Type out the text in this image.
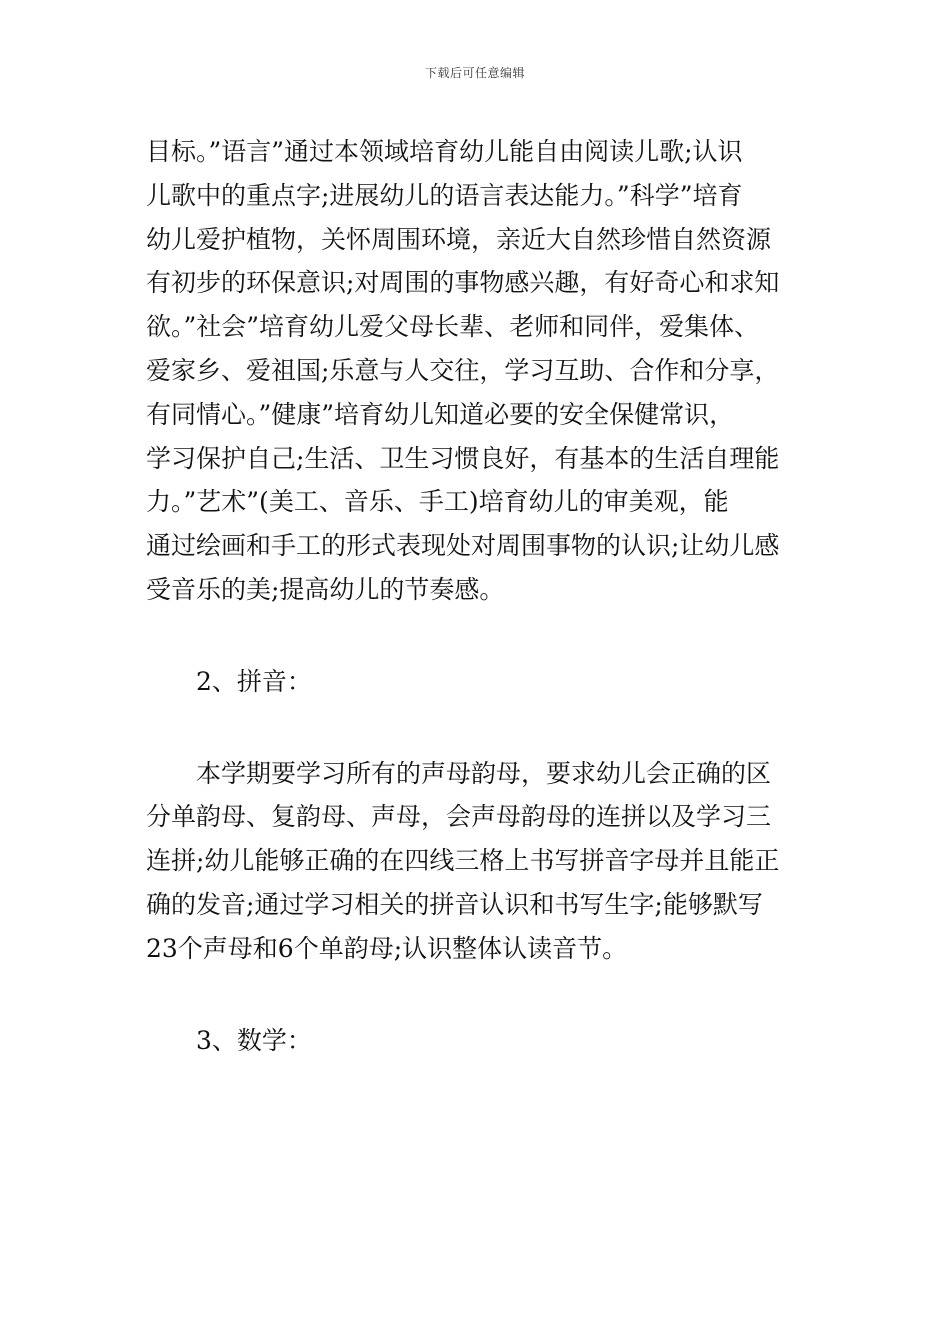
下载后可任意编辑
目标。”语言”通过本领域培育幼儿能自由阅读儿歌;认识
儿歌中的重点字;进展幼儿的语言表达能力。”科学”培育
幼儿爱护植物，关怀周围环境，亲近大自然珍惜自然资源
有初步的环保意识;对周围的事物感兴趣，有好奇心和求知
欲。”社会”培育幼儿爱父母长辈、老师和同伴，爱集体、
爱家乡、爱祖国;乐意与人交往，学习互助、合作和分享，
有同情心。”健康”培育幼儿知道必要的安全保健常识，
学习保护自己;生活、卫生习惯良好，有基本的生活自理能
力。”艺术”(美工、音乐、手工)培育幼儿的审美观，能
通过绘画和手工的形式表现处对周围事物的认识;让幼儿感
受音乐的美;提高幼儿的节奏感。
2、拼音：
　　本学期要学习所有的声母韵母，要求幼儿会正确的区
分单韵母、复韵母、声母，会声母韵母的连拼以及学习三
连拼;幼儿能够正确的在四线三格上书写拼音字母并且能正
确的发音;通过学习相关的拼音认识和书写生字;能够默写
23个声母和6个单韵母;认识整体认读音节。
3、数学：
